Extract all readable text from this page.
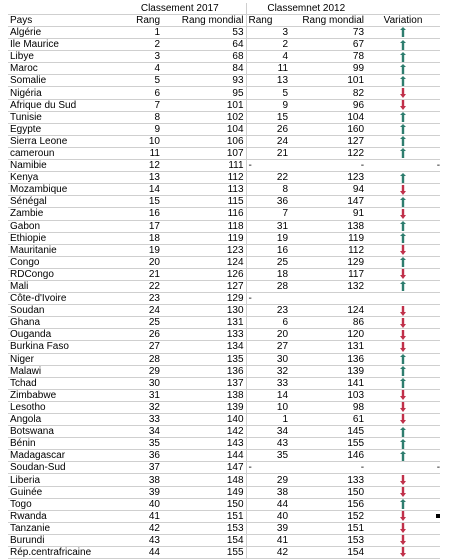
	Classement 2017		Classemnet 2012		
Pays	Rang	Rang mondial	Rang	Rang mondial	Variation
Algérie	1	53	3	73	

Ile Maurice	2	64	2	67	

Libye	3	68	4	78	

Maroc	4	84	11	99	

Somalie	5	93	13	101	

Nigéria	6	95	5	82	

Afrique du Sud	7	101	9	96	

Tunisie	8	102	15	104	

Egypte	9	104	26	160	

Sierra Leone	10	106	24	127	

cameroun	11	107	21	122	

Namibie	12	111	-	-	-
Kenya	13	112	22	123	

Mozambique	14	113	8	94	

Sénégal	15	115	36	147	

Zambie	16	116	7	91	

Gabon	17	118	31	138	

Ethiopie	18	119	19	119	

Mauritanie	19	123	16	112	

Congo	20	124	25	129	

RDCongo	21	126	18	117	

Mali	22	127	28	132	

Côte-d'Ivoire	23	129	-		
Soudan	24	130	23	124	

Ghana	25	131	6	86	

Ouganda	26	133	20	120	

Burkina Faso	27	134	27	131	

Niger	28	135	30	136	

Malawi	29	136	32	139	

Tchad	30	137	33	141	

Zimbabwe	31	138	14	103	

Lesotho	32	139	10	98	

Angola	33	140	1	61	

Botswana	34	142	34	145	

Bénin	35	143	43	155	

Madagascar	36	144	35	146	

Soudan-Sud	37	147	-	-	-
Liberia	38	148	29	133	

Guinée	39	149	38	150	

Togo	40	150	44	156	

Rwanda	41	151	40	152	

Tanzanie	42	153	39	151	

Burundi	43	154	41	153	

Rép.centrafricaine	44	155	42	154	
